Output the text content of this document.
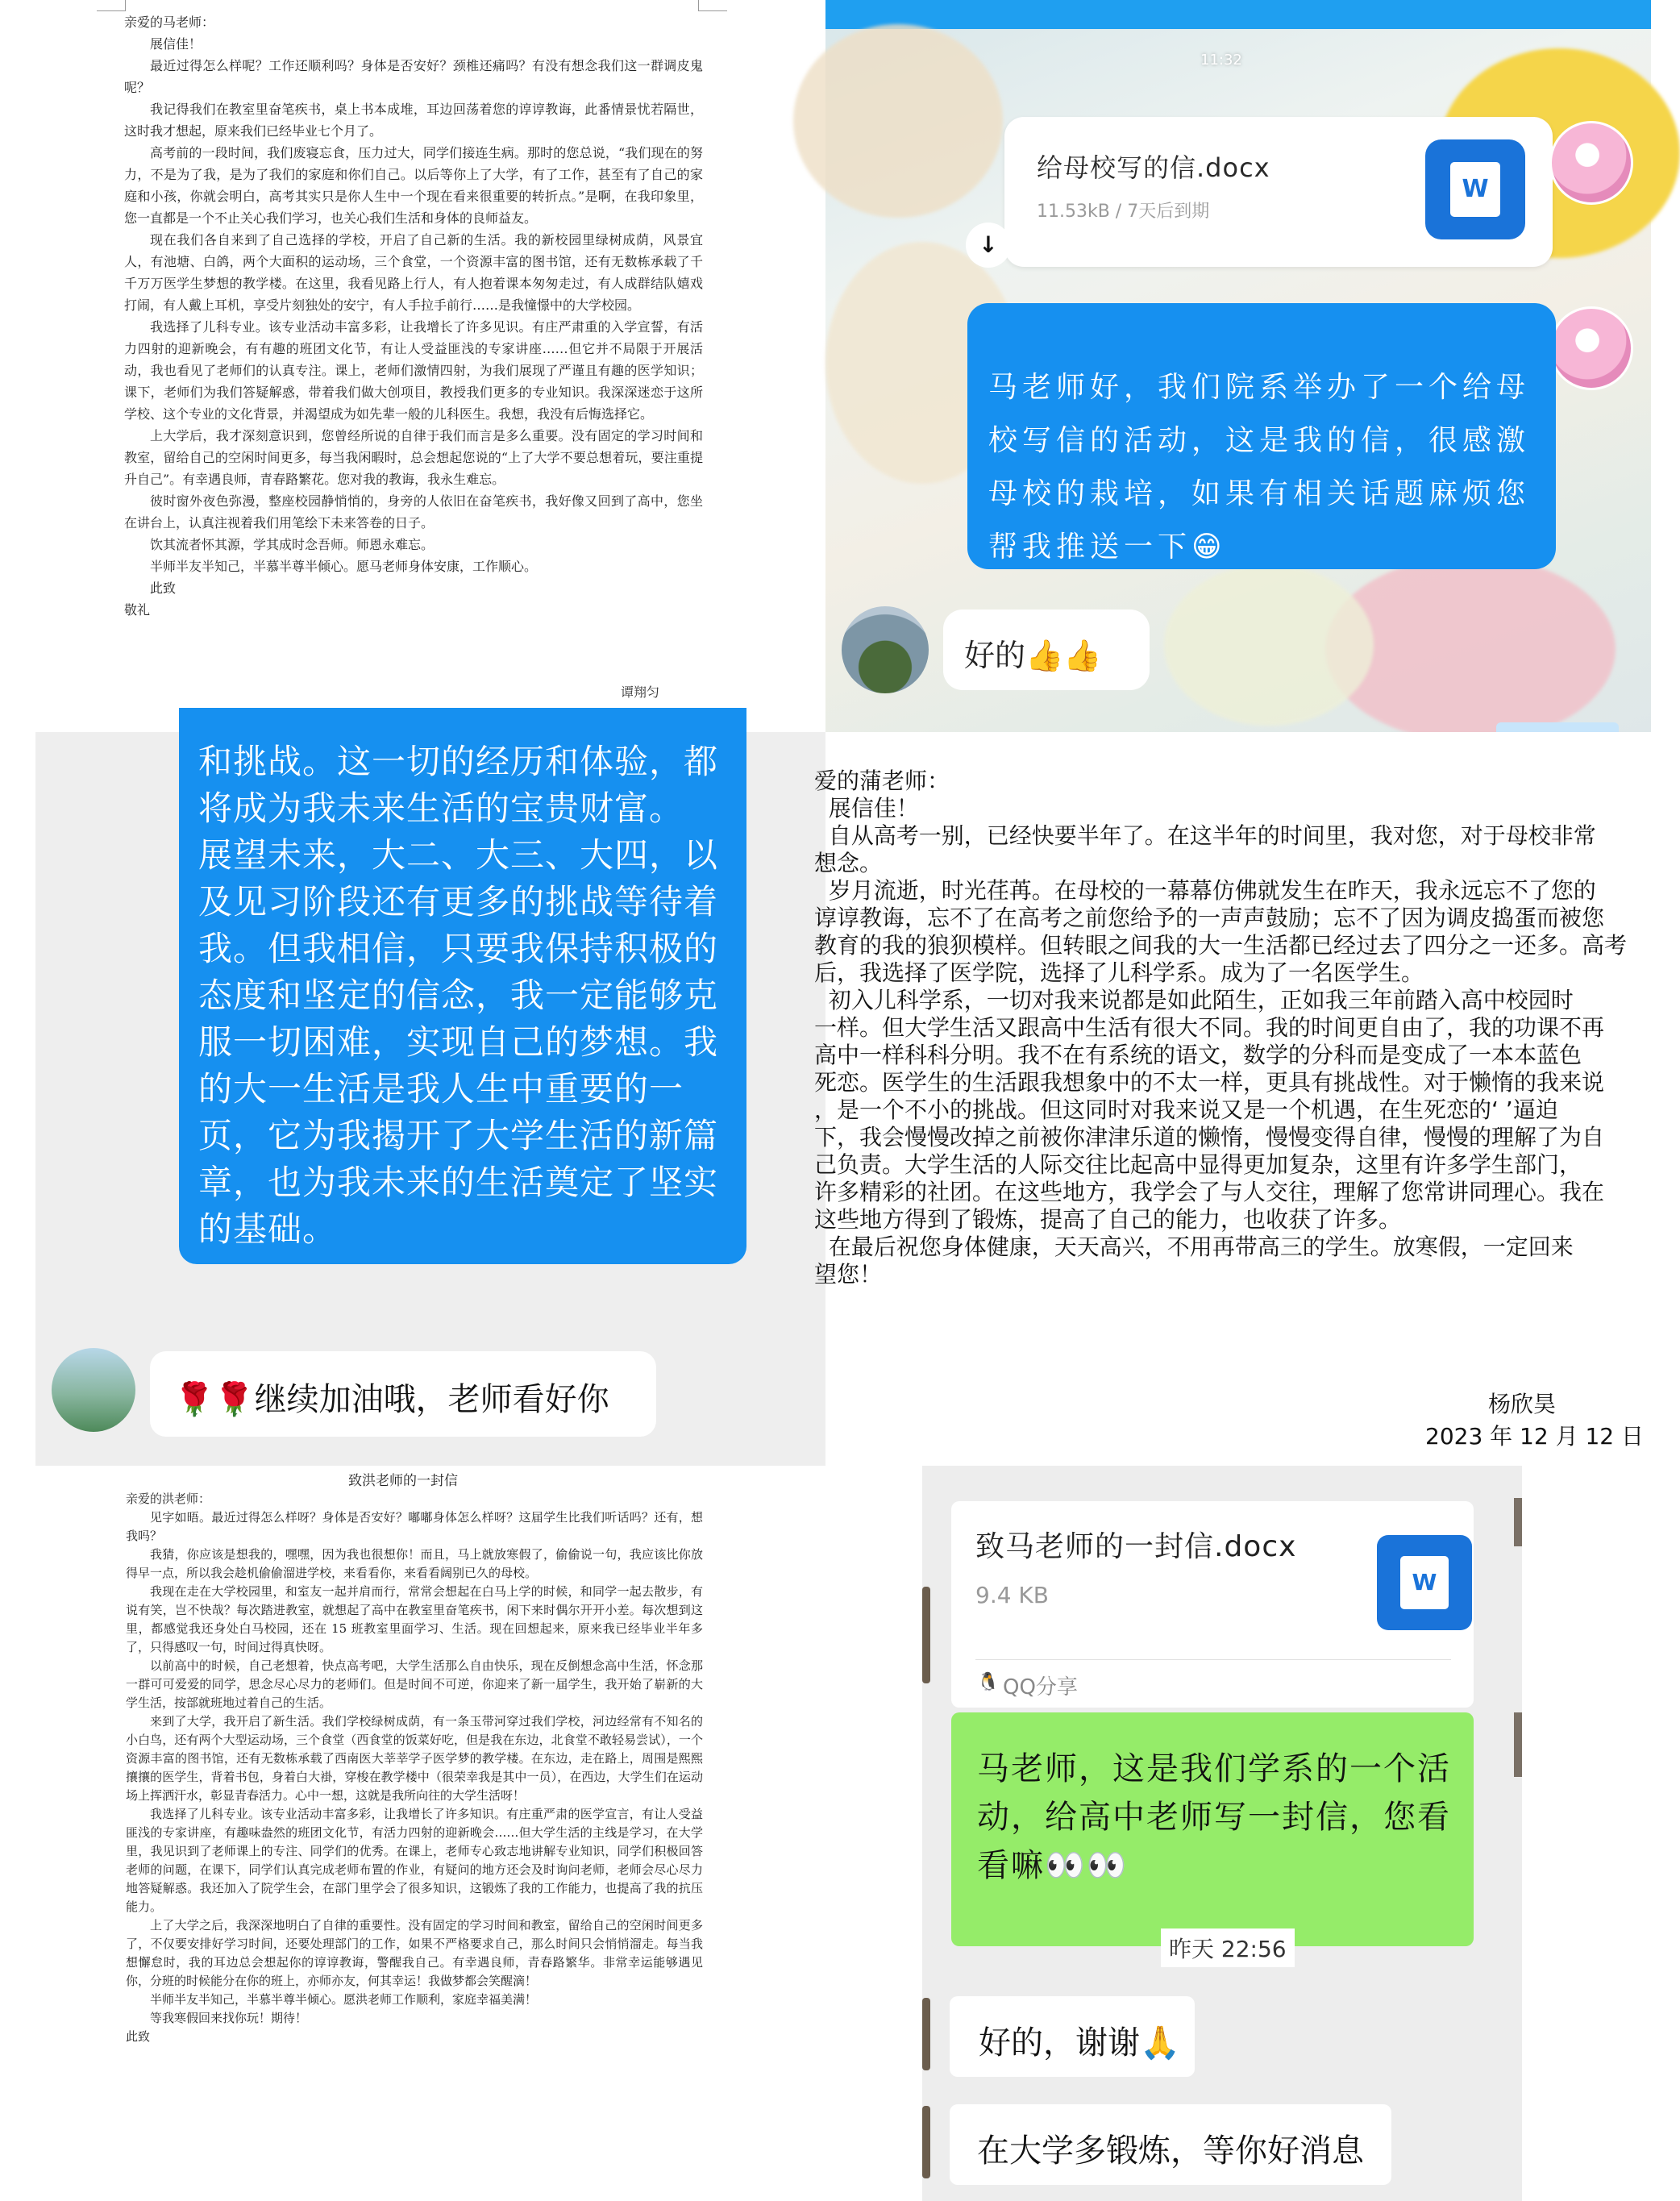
亲爱的马老师：

展信佳！

最近过得怎么样呢？工作还顺利吗？身体是否安好？颈椎还痛吗？有没有想念我们这一群调皮鬼呢？

我记得我们在教室里奋笔疾书，桌上书本成堆，耳边回荡着您的谆谆教诲，此番情景忧若隔世，这时我才想起，原来我们已经毕业七个月了。

高考前的一段时间，我们废寝忘食，压力过大，同学们接连生病。那时的您总说，“我们现在的努力，不是为了我，是为了我们的家庭和你们自己。以后等你上了大学，有了工作，甚至有了自己的家庭和小孩，你就会明白，高考其实只是你人生中一个现在看来很重要的转折点。”是啊，在我印象里，您一直都是一个不止关心我们学习，也关心我们生活和身体的良师益友。

现在我们各自来到了自己选择的学校，开启了自己新的生活。我的新校园里绿树成荫，风景宜人，有池塘、白鸽，两个大面积的运动场，三个食堂，一个资源丰富的图书馆，还有无数栋承载了千千万万医学生梦想的教学楼。在这里，我看见路上行人，有人抱着课本匆匆走过，有人成群结队嬉戏打闹，有人戴上耳机，享受片刻独处的安宁，有人手拉手前行……是我憧憬中的大学校园。

我选择了儿科专业。该专业活动丰富多彩，让我增长了许多见识。有庄严肃重的入学宣誓，有活力四射的迎新晚会，有有趣的班团文化节，有让人受益匪浅的专家讲座……但它并不局限于开展活动，我也看见了老师们的认真专注。课上，老师们激情四射，为我们展现了严谨且有趣的医学知识；课下，老师们为我们答疑解惑，带着我们做大创项目，教授我们更多的专业知识。我深深迷恋于这所学校、这个专业的文化背景，并渴望成为如先辈一般的儿科医生。我想，我没有后悔选择它。

上大学后，我才深刻意识到，您曾经所说的自律于我们而言是多么重要。没有固定的学习时间和教室，留给自己的空闲时间更多，每当我闲暇时，总会想起您说的“上了大学不要总想着玩，要注重提升自己”。有幸遇良师，青春路繁花。您对我的教诲，我永生难忘。

彼时窗外夜色弥漫，整座校园静悄悄的，身旁的人依旧在奋笔疾书，我好像又回到了高中，您坐在讲台上，认真注视着我们用笔绘下未来答卷的日子。

饮其流者怀其源，学其成时念吾师。师恩永难忘。

半师半友半知己，半慕半尊半倾心。愿马老师身体安康，工作顺心。

此致

敬礼

谭翔匀
11:32
给母校写的信.docx
11.53kB / 7天后到期
W
↓
马老师好，我们院系举办了一个给母校写信的活动，这是我的信，很感激母校的栽培，如果有相关话题麻烦您帮我推送一下😁
好的👍👍
和挑战。这一切的经历和体验，都将成为我未来生活的宝贵财富。
展望未来，大二、大三、大四，以及见习阶段还有更多的挑战等待着我。但我相信，只要我保持积极的态度和坚定的信念，我一定能够克服一切困难，实现自己的梦想。我的大一生活是我人生中重要的一页，它为我揭开了大学生活的新篇章，也为我未来的生活奠定了坚实的基础。
🌹🌹继续加油哦，老师看好你

爱的蒲老师：

展信佳！

自从高考一别，已经快要半年了。在这半年的时间里，我对您，对于母校非常

想念。

岁月流逝，时光荏苒。在母校的一幕幕仿佛就发生在昨天，我永远忘不了您的

谆谆教诲，忘不了在高考之前您给予的一声声鼓励；忘不了因为调皮捣蛋而被您

教育的我的狼狈模样。但转眼之间我的大一生活都已经过去了四分之一还多。高考

后，我选择了医学院，选择了儿科学系。成为了一名医学生。

初入儿科学系，一切对我来说都是如此陌生，正如我三年前踏入高中校园时

一样。但大学生活又跟高中生活有很大不同。我的时间更自由了，我的功课不再

高中一样科科分明。我不在有系统的语文，数学的分科而是变成了一本本蓝色

死恋。医学生的生活跟我想象中的不太一样，更具有挑战性。对于懒惰的我来说

，是一个不小的挑战。但这同时对我来说又是一个机遇，在生死恋的‘ ’逼迫

下，我会慢慢改掉之前被你津津乐道的懒惰，慢慢变得自律，慢慢的理解了为自

己负责。大学生活的人际交往比起高中显得更加复杂，这里有许多学生部门，

许多精彩的社团。在这些地方，我学会了与人交往，理解了您常讲同理心。我在

这些地方得到了锻炼，提高了自己的能力，也收获了许多。

在最后祝您身体健康，天天高兴，不用再带高三的学生。放寒假，一定回来

望您！

杨欣昊
2023 年 12 月 12 日
致洪老师的一封信

亲爱的洪老师：

见字如晤。最近过得怎么样呀？身体是否安好？嘟嘟身体怎么样呀？这届学生比我们听话吗？还有，想我吗？

我猜，你应该是想我的，嘿嘿，因为我也很想你！而且，马上就放寒假了，偷偷说一句，我应该比你放得早一点，所以我会趁机偷偷溜进学校，来看看你，来看看阔别已久的母校。

我现在走在大学校园里，和室友一起并肩而行，常常会想起在白马上学的时候，和同学一起去散步，有说有笑，岂不快哉？每次踏进教室，就想起了高中在教室里奋笔疾书，闲下来时偶尔开开小差。每次想到这里，都感觉我还身处白马校园，还在 15 班教室里面学习、生活。现在回想起来，原来我已经毕业半年多了，只得感叹一句，时间过得真快呀。

以前高中的时候，自己老想着，快点高考吧，大学生活那么自由快乐，现在反倒想念高中生活，怀念那一群可可爱爱的同学，思念尽心尽力的老师们。但是时间不可逆，你迎来了新一届学生，我开始了崭新的大学生活，按部就班地过着自己的生活。

来到了大学，我开启了新生活。我们学校绿树成荫，有一条玉带河穿过我们学校，河边经常有不知名的小白鸟，还有两个大型运动场，三个食堂（西食堂的饭菜好吃，但是我在东边，北食堂不敢轻易尝试），一个资源丰富的图书馆，还有无数栋承载了西南医大莘莘学子医学梦的教学楼。在东边，走在路上，周围是熙熙攘攘的医学生，背着书包，身着白大褂，穿梭在教学楼中（很荣幸我是其中一员），在西边，大学生们在运动场上挥洒汗水，彰显青春活力。心中一想，这就是我所向往的大学生活呀！

我选择了儿科专业。该专业活动丰富多彩，让我增长了许多知识。有庄重严肃的医学宣言，有让人受益匪浅的专家讲座，有趣味盎然的班团文化节，有活力四射的迎新晚会……但大学生活的主线是学习，在大学里，我见识到了老师课上的专注、同学们的优秀。在课上，老师专心致志地讲解专业知识，同学们积极回答老师的问题，在课下，同学们认真完成老师布置的作业，有疑问的地方还会及时询问老师，老师会尽心尽力地答疑解惑。我还加入了院学生会，在部门里学会了很多知识，这锻炼了我的工作能力，也提高了我的抗压能力。

上了大学之后，我深深地明白了自律的重要性。没有固定的学习时间和教室，留给自己的空闲时间更多了，不仅要安排好学习时间，还要处理部门的工作，如果不严格要求自己，那么时间只会悄悄溜走。每当我想懈怠时，我的耳边总会想起你的谆谆教诲，警醒我自己。有幸遇良师，青春路繁华。非常幸运能够遇见你，分班的时候能分在你的班上，亦师亦友，何其幸运！我做梦都会笑醒滴！

半师半友半知己，半慕半尊半倾心。愿洪老师工作顺利，家庭幸福美满！

等我寒假回来找你玩！期待！

此致

致马老师的一封信.docx
9.4 KB	W
🐧 QQ分享
马老师，这是我们学系的一个活动，给高中老师写一封信，您看看嘛👀👀
昨天 22:56
好的，谢谢🙏
在大学多锻炼，等你好消息
